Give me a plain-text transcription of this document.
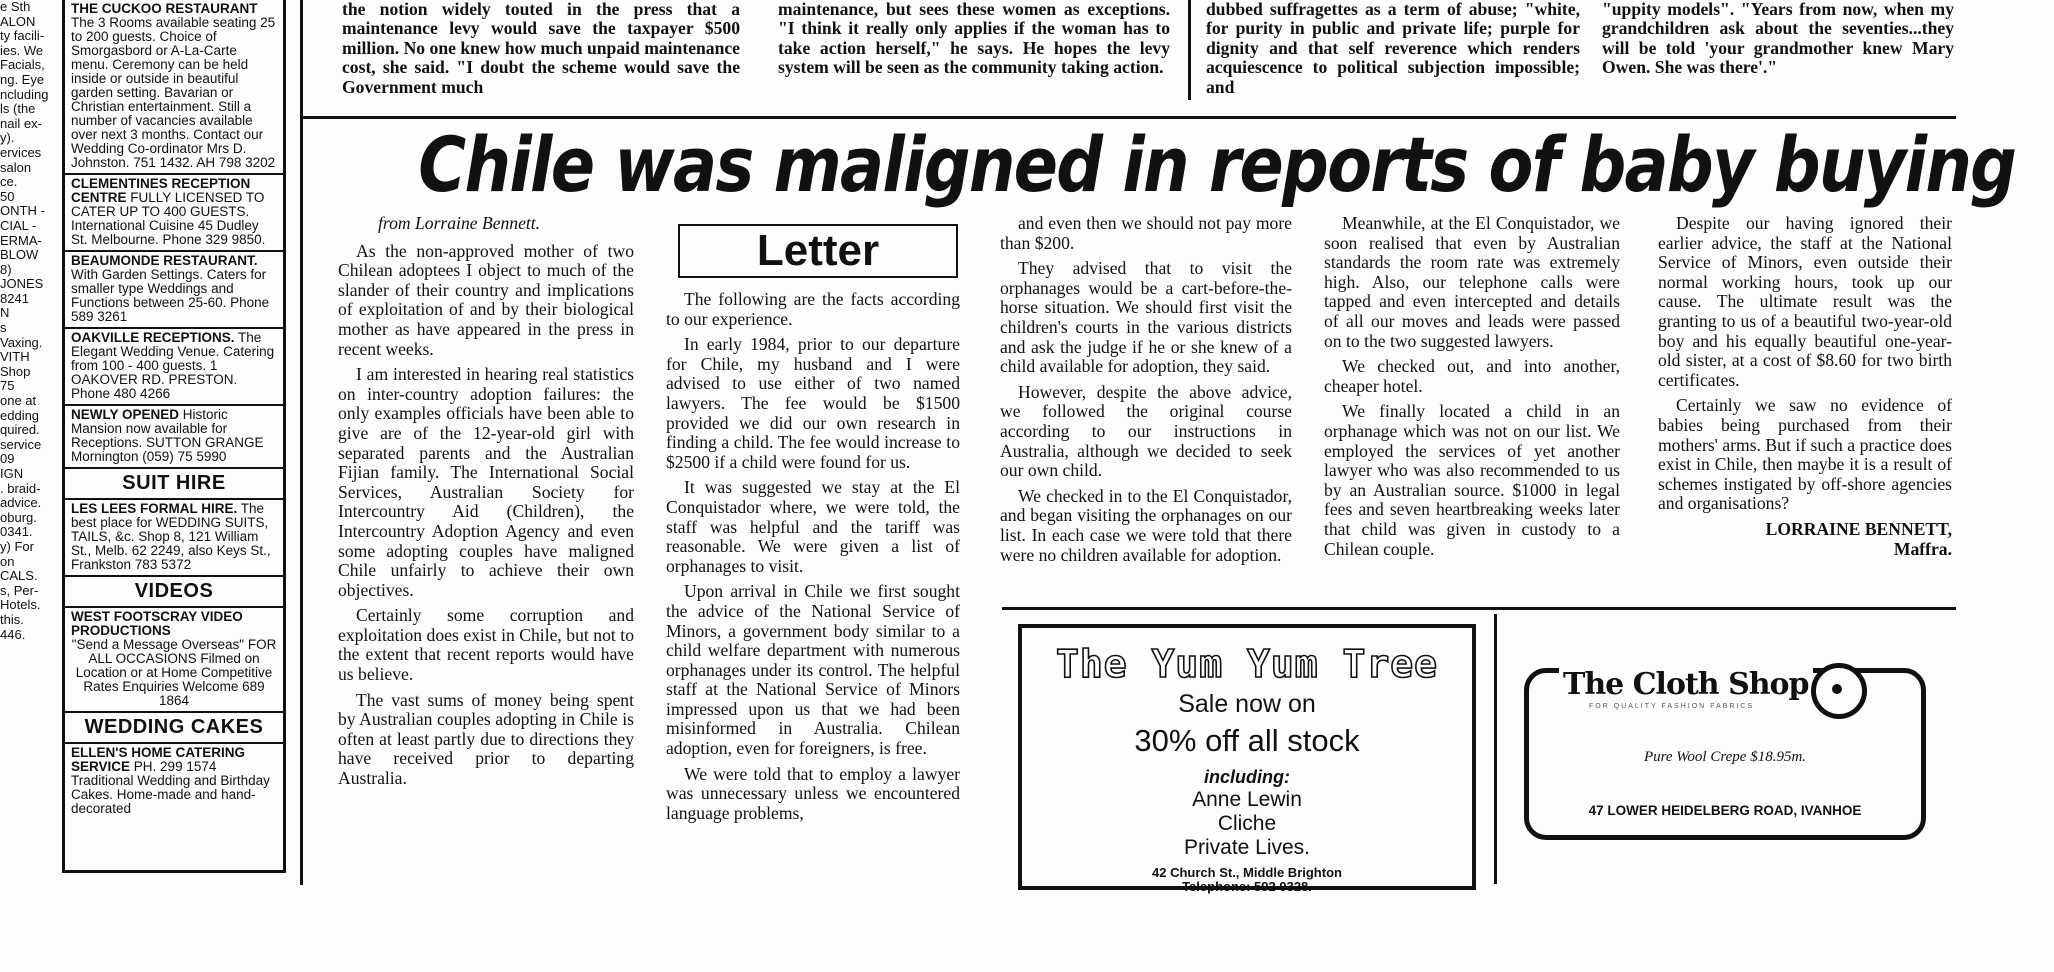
e Sth
ALON
ty facili-
ies. We
Facials,
ng. Eye
ncluding
ls (the
nail ex-
y).
ervices
salon
ce.
50
ONTH -
CIAL -
ERMA-
BLOW
8)
JONES
8241
N
s
Vaxing.
VITH
Shop
75
one at
edding
quired.
service
09
IGN
. braid-
advice.
oburg.
0341.
y) For
on
CALS.
s, Per-
Hotels.
this.
446.
THE CUCKOO RESTAURANT The 3 Rooms available seating 25 to 200 guests. Choice of Smorgasbord or A-La-Carte menu. Ceremony can be held inside or outside in beautiful garden setting. Bavarian or Christian entertainment. Still a number of vacancies available over next 3 months. Contact our Wedding Co-ordinator Mrs D. Johnston. 751 1432. AH 798 3202
CLEMENTINES RECEPTION CENTRE FULLY LICENSED TO CATER UP TO 400 GUESTS. International Cuisine 45 Dudley St. Melbourne. Phone 329 9850.
BEAUMONDE RESTAURANT. With Garden Settings. Caters for smaller type Weddings and Functions between 25-60. Phone 589 3261
OAKVILLE RECEPTIONS. The Elegant Wedding Venue. Catering from 100 - 400 guests. 1 OAKOVER RD. PRESTON. Phone 480 4266
NEWLY OPENED Historic Mansion now available for Receptions. SUTTON GRANGE Mornington (059) 75 5990
SUIT HIRE
LES LEES FORMAL HIRE. The best place for WEDDING SUITS, TAILS, &c. Shop 8, 121 William St., Melb. 62 2249, also Keys St., Frankston 783 5372
VIDEOS
WEST FOOTSCRAY VIDEO PRODUCTIONS
"Send a Message Overseas" FOR ALL OCCASIONS Filmed on Location or at Home Competitive Rates Enquiries Welcome 689 1864
WEDDING CAKES
ELLEN'S HOME CATERING SERVICE PH. 299 1574 Traditional Wedding and Birthday Cakes. Home-made and hand-decorated
the notion widely touted in the press that a maintenance levy would save the taxpayer $500 million. No one knew how much unpaid maintenance cost, she said. "I doubt the scheme would save the Government much
maintenance, but sees these women as exceptions. "I think it really only applies if the woman has to take action herself," he says. He hopes the levy system will be seen as the community taking action.
dubbed suffragettes as a term of abuse; "white, for purity in public and private life; purple for dignity and that self reverence which renders acquiescence to political subjection impossible; and
"uppity models". "Years from now, when my grandchildren ask about the seventies...they will be told 'your grandmother knew Mary Owen. She was there'."
Chile was maligned in reports of baby buying
Letter

from Lorraine Bennett.

As the non-approved mother of two Chilean adoptees I object to much of the slander of their country and implications of exploitation of and by their biological mother as have appeared in the press in recent weeks.

I am interested in hearing real statistics on inter-country adoption failures: the only examples officials have been able to give are of the 12-year-old girl with separated parents and the Australian Fijian family. The International Social Services, Australian Society for Intercountry Aid (Children), the Intercountry Adoption Agency and even some adopting couples have maligned Chile unfairly to achieve their own objectives.

Certainly some corruption and exploitation does exist in Chile, but not to the extent that recent reports would have us believe.

The vast sums of money being spent by Australian couples adopting in Chile is often at least partly due to directions they have received prior to departing Australia.

The following are the facts according to our experience.

In early 1984, prior to our departure for Chile, my husband and I were advised to use either of two named lawyers. The fee would be $1500 provided we did our own research in finding a child. The fee would increase to $2500 if a child were found for us.

It was suggested we stay at the El Conquistador where, we were told, the staff was helpful and the tariff was reasonable. We were given a list of orphanages to visit.

Upon arrival in Chile we first sought the advice of the National Service of Minors, a government body similar to a child welfare department with numerous orphanages under its control. The helpful staff at the National Service of Minors impressed upon us that we had been misinformed in Australia. Chilean adoption, even for foreigners, is free.

We were told that to employ a lawyer was unnecessary unless we encountered language problems,

and even then we should not pay more than $200.

They advised that to visit the orphanages would be a cart-before-the-horse situation. We should first visit the children's courts in the various districts and ask the judge if he or she knew of a child available for adoption, they said.

However, despite the above advice, we followed the original course according to our instructions in Australia, although we decided to seek our own child.

We checked in to the El Conquistador, and began visiting the orphanages on our list. In each case we were told that there were no children available for adoption.

Meanwhile, at the El Conquistador, we soon realised that even by Australian standards the room rate was extremely high. Also, our telephone calls were tapped and even intercepted and details of all our moves and leads were passed on to the two suggested lawyers.

We checked out, and into another, cheaper hotel.

We finally located a child in an orphanage which was not on our list. We employed the services of yet another lawyer who was also recommended to us by an Australian source. $1000 in legal fees and seven heartbreaking weeks later that child was given in custody to a Chilean couple.

Despite our having ignored their earlier advice, the staff at the National Service of Minors, even outside their normal working hours, took up our cause. The ultimate result was the granting to us of a beautiful two-year-old boy and his equally beautiful one-year-old sister, at a cost of $8.60 for two birth certificates.

Certainly we saw no evidence of babies being purchased from their mothers' arms. But if such a practice does exist in Chile, then maybe it is a result of schemes instigated by off-shore agencies and organisations?

LORRAINE BENNETT,
Maffra.
The Yum Yum Tree
Sale now on
30% off all stock
including:
Anne Lewin
Cliche
Private Lives.
42 Church St., Middle Brighton
Telephone: 592 9328.
The Cloth Shop
FOR QUALITY FASHION FABRICS
Pure Wool Crepe $18.95m.
47 LOWER HEIDELBERG ROAD, IVANHOE
